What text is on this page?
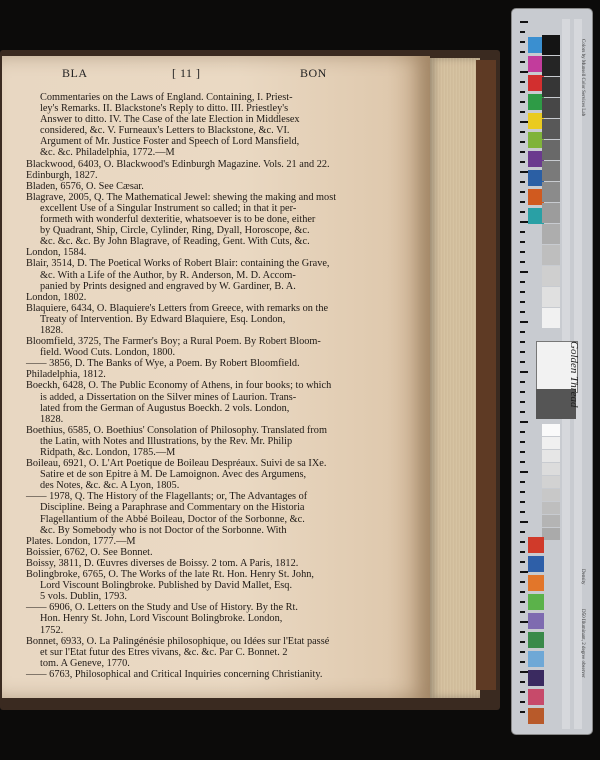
BLA	[ 11 ]	BON
Commentaries on the Laws of England. Containing, I. Priest-
ley's Remarks. II. Blackstone's Reply to ditto. III. Priestley's
Answer to ditto. IV. The Case of the late Election in Middlesex
considered, &c. V. Furneaux's Letters to Blackstone, &c. VI.
Argument of Mr. Justice Foster and Speech of Lord Mansfield,
&c. &c. Philadelphia, 1772.—M
Blackwood, 6403, O. Blackwood's Edinburgh Magazine. Vols. 21 and 22.
Edinburgh, 1827.
Bladen, 6576, O. See Cæsar.
Blagrave, 2005, Q. The Mathematical Jewel: shewing the making and most
excellent Use of a Singular Instrument so called; in that it per-
formeth with wonderful dexteritie, whatsoever is to be done, either
by Quadrant, Ship, Circle, Cylinder, Ring, Dyall, Horoscope, &c.
&c. &c. &c. By John Blagrave, of Reading, Gent. With Cuts, &c.
London, 1584.
Blair, 3514, D. The Poetical Works of Robert Blair: containing the Grave,
&c. With a Life of the Author, by R. Anderson, M. D. Accom-
panied by Prints designed and engraved by W. Gardiner, B. A.
London, 1802.
Blaquiere, 6434, O. Blaquiere's Letters from Greece, with remarks on the
Treaty of Intervention. By Edward Blaquiere, Esq. London,
1828.
Bloomfield, 3725, The Farmer's Boy; a Rural Poem. By Robert Bloom-
field. Wood Cuts. London, 1800.
—— 3856, D. The Banks of Wye, a Poem. By Robert Bloomfield.
Philadelphia, 1812.
Boeckh, 6428, O. The Public Economy of Athens, in four books; to which
is added, a Dissertation on the Silver mines of Laurion. Trans-
lated from the German of Augustus Boeckh. 2 vols. London,
1828.
Boethius, 6585, O. Boethius' Consolation of Philosophy. Translated from
the Latin, with Notes and Illustrations, by the Rev. Mr. Philip
Ridpath, &c. London, 1785.—M
Boileau, 6921, O. L'Art Poetique de Boileau Despréaux. Suivi de sa IXe.
Satire et de son Epitre à M. De Lamoignon. Avec des Argumens,
des Notes, &c. &c. A Lyon, 1805.
—— 1978, Q. The History of the Flagellants; or, The Advantages of
Discipline. Being a Paraphrase and Commentary on the Historia
Flagellantium of the Abbé Boileau, Doctor of the Sorbonne, &c.
&c. By Somebody who is not Doctor of the Sorbonne. With
Plates. London, 1777.—M
Boissier, 6762, O. See Bonnet.
Boissy, 3811, D. Œuvres diverses de Boissy. 2 tom. A Paris, 1812.
Bolingbroke, 6765, O. The Works of the late Rt. Hon. Henry St. John,
Lord Viscount Bolingbroke. Published by David Mallet, Esq.
5 vols. Dublin, 1793.
—— 6906, O. Letters on the Study and Use of History. By the Rt.
Hon. Henry St. John, Lord Viscount Bolingbroke. London,
1752.
Bonnet, 6933, O. La Palingénésie philosophique, ou Idées sur l'Etat passé
et sur l'Etat futur des Etres vivans, &c. &c. Par C. Bonnet. 2
tom. A Geneve, 1770.
—— 6763, Philosophical and Critical Inquiries concerning Christianity.
Golden Thread
Colors by Munsell Color Services Lab
Density
D50 Illuminant, 2 degree observer
